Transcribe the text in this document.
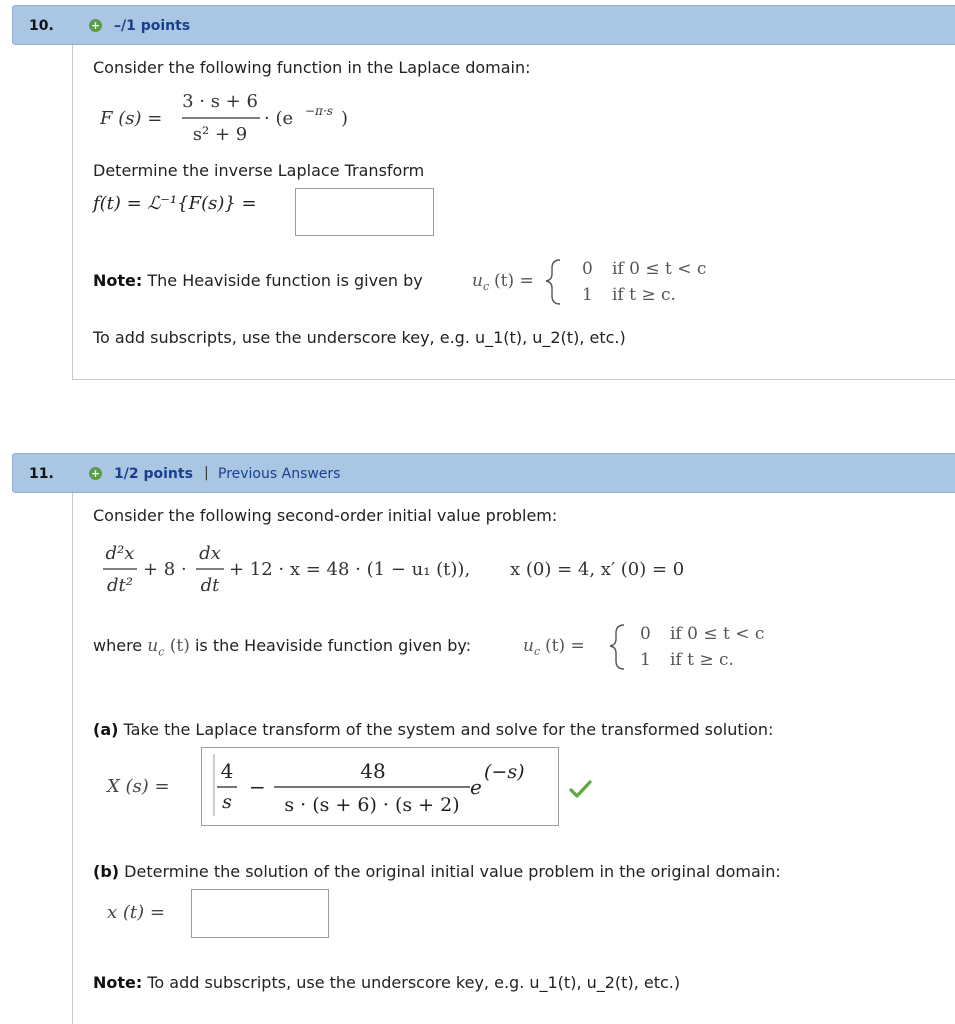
10.	+ –/1 points
Consider the following function in the Laplace domain:
F (s) =
3 · s + 6
s² + 9
· (e −π·s )
Determine the inverse Laplace Transform
f(t) = ℒ⁻¹{F(s)} =
Note: The Heaviside function is given by	u c (t) =
0 if 0 ≤ t < c
1 if t ≥ c.
To add subscripts, use the underscore key, e.g. u_1(t), u_2(t), etc.)
11.	+ 1/2 points | Previous Answers
Consider the following second-order initial value problem:
d²x
dt²
+ 8 ·
dx
dt
+ 12 · x = 48 · (1 − u₁ (t)), x (0) = 4, x′ (0) = 0
where $u_c$ (t) is the Heaviside function given by:	u c (t) =
0 if 0 ≤ t < c
1 if t ≥ c.
(a) Take the Laplace transform of the system and solve for the transformed solution:
X (s) =
4
s
−
48
s · (s + 6) · (s + 2)
e
(−s)
(b) Determine the solution of the original initial value problem in the original domain:
x (t) =
Note: To add subscripts, use the underscore key, e.g. u_1(t), u_2(t), etc.)
